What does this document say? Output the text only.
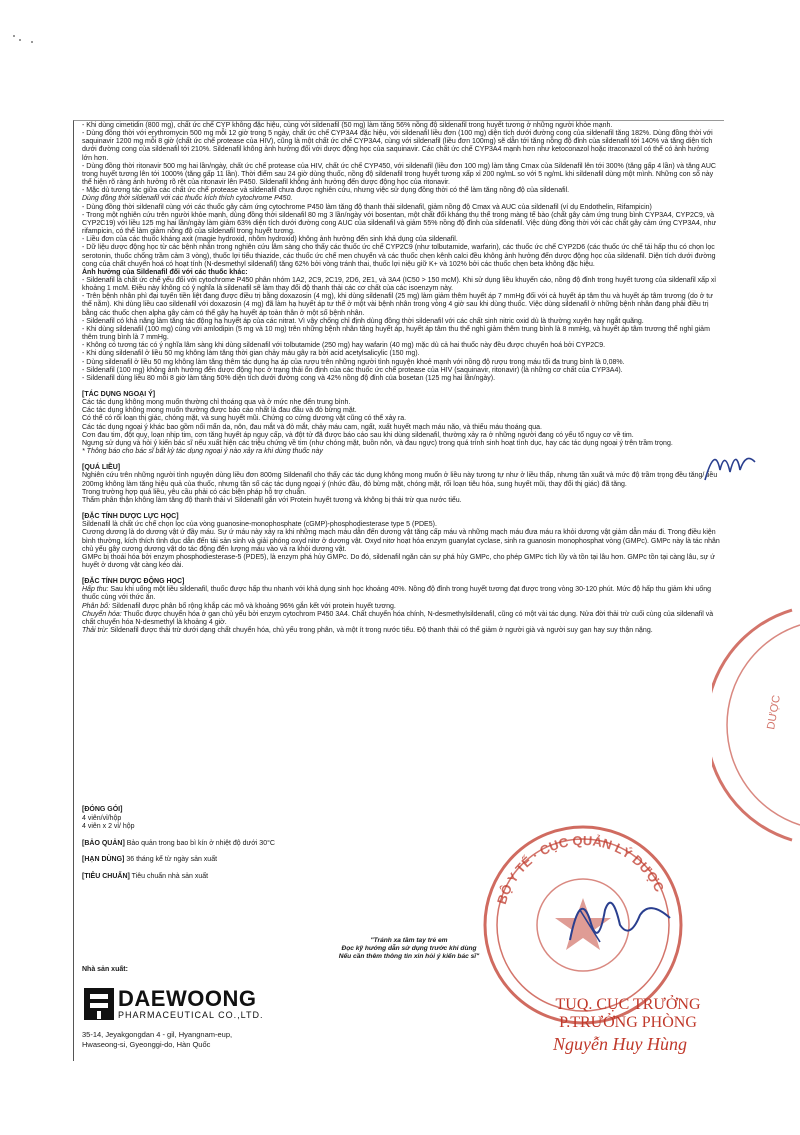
- Khi dùng cimetidin (800 mg), chất ức chế CYP không đặc hiệu, cùng với sildenafil (50 mg) làm tăng 56% nồng độ sildenafil trong huyết tương ở những người khỏe mạnh.

- Dùng đồng thời với erythromycin 500 mg mỗi 12 giờ trong 5 ngày, chất ức chế CYP3A4 đặc hiệu, với sildenafil liều đơn (100 mg) diện tích dưới đường cong của sildenafil tăng 182%. Dùng đồng thời với saquinavir 1200 mg mỗi 8 giờ (chất ức chế protease của HIV), cũng là một chất ức chế CYP3A4, cùng với sildenafil (liều đơn 100mg) sẽ dẫn tới tăng nồng độ đỉnh của sildenafil tới 140% và tăng diện tích dưới đường cong của sildenafil tới 210%. Sildenafil không ảnh hưởng đối với dược động học của saquinavir. Các chất ức chế CYP3A4 mạnh hơn như ketoconazol hoặc itraconazol có thể có ảnh hưởng lớn hơn.

- Dùng đồng thời ritonavir 500 mg hai lần/ngày, chất ức chế protease của HIV, chất ức chế CYP450, với sildenafil (liều đơn 100 mg) làm tăng Cmax của Sildenafil lên tới 300% (tăng gấp 4 lần) và tăng AUC trong huyết tương lên tới 1000% (tăng gấp 11 lần). Thời điểm sau 24 giờ dùng thuốc, nồng độ sildenafil trong huyết tương xấp xỉ 200 ng/mL so với 5 ng/mL khi sildenafil dùng một mình. Những con số này thể hiện rõ ràng ảnh hưởng rõ rệt của ritonavir lên P450. Sildenafil không ảnh hưởng đến dược động học của ritonavir.

- Mặc dù tương tác giữa các chất ức chế protease và sildenafil chưa được nghiên cứu, nhưng việc sử dụng đồng thời có thể làm tăng nồng độ của sildenafil.

Dùng đồng thời sildenafil với các thuốc kích thích cytochrome P450.

- Dùng đồng thời sildenafil cùng với các thuốc gây cảm ứng cytochrome P450 làm tăng độ thanh thải sildenafil, giảm nồng độ Cmax và AUC của sildenafil (ví dụ Endothelin, Rifampicin)

- Trong một nghiên cứu trên người khỏe mạnh, dùng đồng thời sildenafil 80 mg 3 lần/ngày với bosentan, một chất đối kháng thụ thể trong màng tế bào (chất gây cảm ứng trung bình CYP3A4, CYP2C9, và CYP2C19) với liều 125 mg hai lần/ngày làm giảm 63% diện tích dưới đường cong AUC của sildenafil và giảm 55% nồng độ đỉnh của sildenafil. Việc dùng đồng thời với các chất gây cảm ứng CYP3A4, như rifampicin, có thể làm giảm nồng độ của sildenafil trong huyết tương.

- Liều đơn của các thuốc kháng axit (magie hydroxid, nhôm hydroxid) không ảnh hưởng đến sinh khả dụng của sildenafil.

- Dữ liệu dược động học từ các bệnh nhân trong nghiên cứu lâm sàng cho thấy các thuốc ức chế CYP2C9 (như tolbutamide, warfarin), các thuốc ức chế CYP2D6 (các thuốc ức chế tái hấp thu có chọn lọc serotonin, thuốc chống trầm cảm 3 vòng), thuốc lợi tiểu thiazide, các thuốc ức chế men chuyển và các thuốc chẹn kênh calci đều không ảnh hưởng đến dược động học của sildenafil. Diện tích dưới đường cong của chất chuyển hoá có hoạt tính (N-desmethyl sildenafil) tăng 62% bởi vòng tránh thai, thuốc lợi niệu giữ K+ và 102% bởi các thuốc chẹn beta không đặc hiệu.

Ảnh hưởng của Sildenafil đối với các thuốc khác:

- Sildenafil là chất ức chế yếu đối với cytochrome P450 phân nhóm 1A2, 2C9, 2C19, 2D6, 2E1, và 3A4 (IC50 > 150 mcM). Khi sử dụng liều khuyến cáo, nồng độ đỉnh trong huyết tương của sildenafil xấp xỉ khoảng 1 mcM. Điều này không có ý nghĩa là sildenafil sẽ làm thay đổi độ thanh thải các cơ chất của các isoenzym này.

- Trên bệnh nhân phì đại tuyến tiền liệt đang được điều trị bằng doxazosin (4 mg), khi dùng sildenafil (25 mg) làm giảm thêm huyết áp 7 mmHg đối với cả huyết áp tâm thu và huyết áp tâm trương (do ở tư thế nằm). Khi dùng liều cao sildenafil với doxazosin (4 mg) đã làm hạ huyết áp tư thế ở một vài bệnh nhân trong vòng 4 giờ sau khi dùng thuốc. Việc dùng sildenafil ở những bệnh nhân đang phải điều trị bằng các thuốc chẹn alpha gây cảm có thể gây hạ huyết áp toàn thân ở một số bệnh nhân.

- Sildenafil có khả năng làm tăng tác động hạ huyết áp của các nitrat. Vì vậy chống chỉ định dùng đồng thời sildenafil với các chất sinh nitric oxid dù là thường xuyên hay ngắt quãng.

- Khi dùng sildenafil (100 mg) cùng với amlodipin (5 mg và 10 mg) trên những bệnh nhân tăng huyết áp, huyết áp tâm thu thể nghỉ giảm thêm trung bình là 8 mmHg, và huyết áp tâm trương thể nghỉ giảm thêm trung bình là 7 mmHg.

- Không có tương tác có ý nghĩa lâm sàng khi dùng sildenafil với tolbutamide (250 mg) hay wafarin (40 mg) mặc dù cả hai thuốc này đều được chuyển hoá bởi CYP2C9.

- Khi dùng sildenafil ở liều 50 mg không làm tăng thời gian chảy máu gây ra bởi acid acetylsalicylic (150 mg).

- Dùng sildenafil ở liều 50 mg không làm tăng thêm tác dụng hạ áp của rượu trên những người tình nguyện khoẻ mạnh với nồng độ rượu trong máu tối đa trung bình là 0,08%.

- Sildenafil (100 mg) không ảnh hưởng đến dược động học ở trạng thái ổn định của các thuốc ức chế protease của HIV (saquinavir, ritonavir) (là những cơ chất của CYP3A4).

- Sildenafil dùng liều 80 mỗi 8 giờ làm tăng 50% diện tích dưới đường cong và 42% nồng độ đỉnh của bosetan (125 mg hai lần/ngày).

[TÁC DỤNG NGOẠI Ý]

Các tác dụng không mong muốn thường chỉ thoáng qua và ở mức nhẹ đến trung bình.

Các tác dụng không mong muốn thường được báo cáo nhất là đau đầu và đỏ bừng mặt.

Có thể có rối loạn thị giác, chóng mặt, và sung huyết mũi. Chứng co cứng dương vật cũng có thể xảy ra.

Các tác dụng ngoại ý khác bao gồm nổi mẩn da, nôn, đau mắt và đỏ mắt, chảy máu cam, ngất, xuất huyết mạch máu não, và thiếu máu thoáng qua.

Cơn đau tim, đột quỵ, loạn nhịp tim, cơn tăng huyết áp nguy cấp, và đột tử đã được báo cáo sau khi dùng sildenafil, thường xảy ra ở những người đang có yếu tố nguy cơ về tim.

Ngưng sử dụng và hỏi ý kiến bác sĩ nếu xuất hiện các triệu chứng về tim (như chóng mặt, buồn nôn, và đau ngực) trong quá trình sinh hoạt tình dục, hay các tác dụng ngoại ý trên trầm trọng.

* Thông báo cho bác sĩ bất kỳ tác dụng ngoại ý nào xảy ra khi dùng thuốc này

[QUÁ LIỀU]

Nghiên cứu trên những người tình nguyện dùng liều đơn 800mg Sildenafil cho thấy các tác dụng không mong muốn ở liều này tương tự như ở liều thấp, nhưng tần xuất và mức độ trầm trọng đều tăng/ liều 200mg không làm tăng hiệu quả của thuốc, nhưng tần số các tác dụng ngoại ý (nhức đầu, đỏ bừng mặt, chóng mặt, rối loạn tiêu hóa, sung huyết mũi, thay đổi thị giác) đã tăng.

Trong trường hợp quá liều, yêu cầu phải có các biện pháp hỗ trợ chuẩn.

Thẩm phân thận không làm tăng độ thanh thải vì Sildenafil gắn với Protein huyết tương và không bị thải trừ qua nước tiểu.

[ĐẶC TÍNH DƯỢC LỰC HỌC]

Sildenafil là chất ức chế chọn lọc của vòng guanosine-monophosphate (cGMP)-phosphodiesterase type 5 (PDE5).

Cương dương là do dương vật ứ đầy máu. Sự ứ máu này xảy ra khi những mạch máu dẫn đến dương vật tăng cấp máu và những mạch máu đưa máu ra khỏi dương vật giảm dẫn máu đi. Trong điều kiện bình thường, kích thích tình dục dẫn đến tái sản sinh và giải phóng oxyd nitơ ở dương vật. Oxyd nitơ hoạt hóa enzym guanylat cyclase, sinh ra guanosin monophosphat vòng (GMPc). GMPc này là tác nhân chủ yếu gây cương dương vật do tác động đến lượng máu vào và ra khỏi dương vật.

GMPc bị thoái hóa bởi enzym phosphodiesterase-5 (PDE5), là enzym phá hủy GMPc. Do đó, sildenafil ngăn cản sự phá hủy GMPc, cho phép GMPc tích lũy và tồn tại lâu hơn. GMPc tồn tại càng lâu, sự ứ huyết ở dương vật càng kéo dài.

[ĐẶC TÍNH DƯỢC ĐỘNG HỌC]

Hấp thu: Sau khi uống một liều sildenafil, thuốc được hấp thu nhanh với khả dụng sinh học khoảng 40%. Nồng độ đỉnh trong huyết tương đạt được trong vòng 30-120 phút. Mức độ hấp thu giảm khi uống thuốc cùng với thức ăn.

Phân bố: Sildenafil được phân bố rộng khắp các mô và khoảng 96% gắn kết với protein huyết tương.

Chuyển hóa: Thuốc được chuyển hóa ở gan chủ yếu bởi enzym cytochrom P450 3A4. Chất chuyển hóa chính, N-desmethylsildenafil, cũng có một vài tác dụng. Nửa đời thải trừ cuối cùng của sildenafil và chất chuyển hóa N-desmethyl là khoảng 4 giờ.

Thải trừ: Sildenafil được thải trừ dưới dạng chất chuyển hóa, chủ yếu trong phân, và một ít trong nước tiểu. Độ thanh thải có thể giảm ở người già và người suy gan hay suy thận nặng.

[ĐÓNG GÓI]

4 viên/vỉ/hộp

4 viên x 2 vỉ/ hộp

[BẢO QUẢN] Bảo quản trong bao bì kín ở nhiệt độ dưới 30°C

[HẠN DÙNG] 36 tháng kể từ ngày sản xuất

[TIÊU CHUẨN] Tiêu chuẩn nhà sản xuất

BỘ Y TẾ · CỤC QUẢN LÝ DƯỢC
DƯỢC
"Tránh xa tầm tay trẻ em
Đọc kỹ hướng dẫn sử dụng trước khi dùng
Nếu cần thêm thông tin xin hỏi ý kiến bác sĩ"
Nhà sản xuất:
DAEWOONG
PHARMACEUTICAL CO.,LTD.
35-14, Jeyakgongdan 4 - gil, Hyangnam-eup,
Hwaseong-si, Gyeonggi-do, Hàn Quốc
TUQ. CỤC TRƯỞNG
P.TRƯỞNG PHÒNG
Nguyễn Huy Hùng
